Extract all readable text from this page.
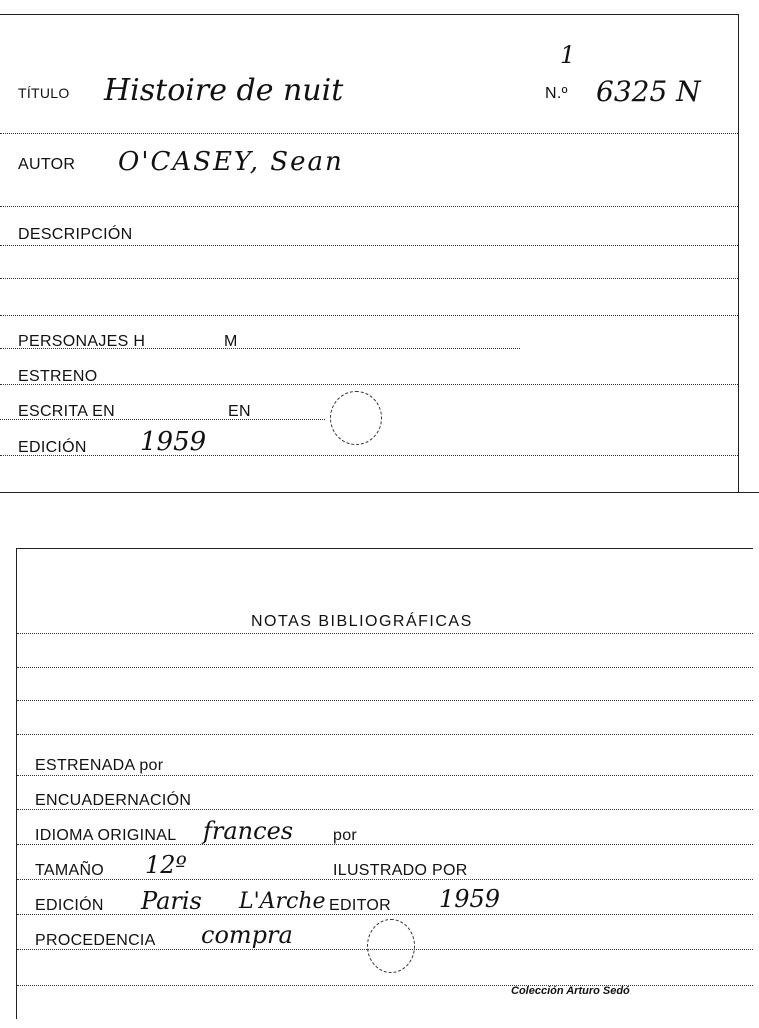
TÍTULO Histoire de nuit
1
N.º 6325 N
AUTOR O'CASEY, Sean
DESCRIPCIÓN
PERSONAJES H	M
ESTRENO
ESCRITA EN	EN
EDICIÓN 1959
NOTAS BIBLIOGRÁFICAS
ESTRENADA por
ENCUADERNACIÓN
IDIOMA ORIGINAL frances por
TAMAÑO 12º	ILUSTRADO POR
EDICIÓN Paris L'Arche EDITOR 1959
PROCEDENCIA compra
Colección Arturo Sedó
